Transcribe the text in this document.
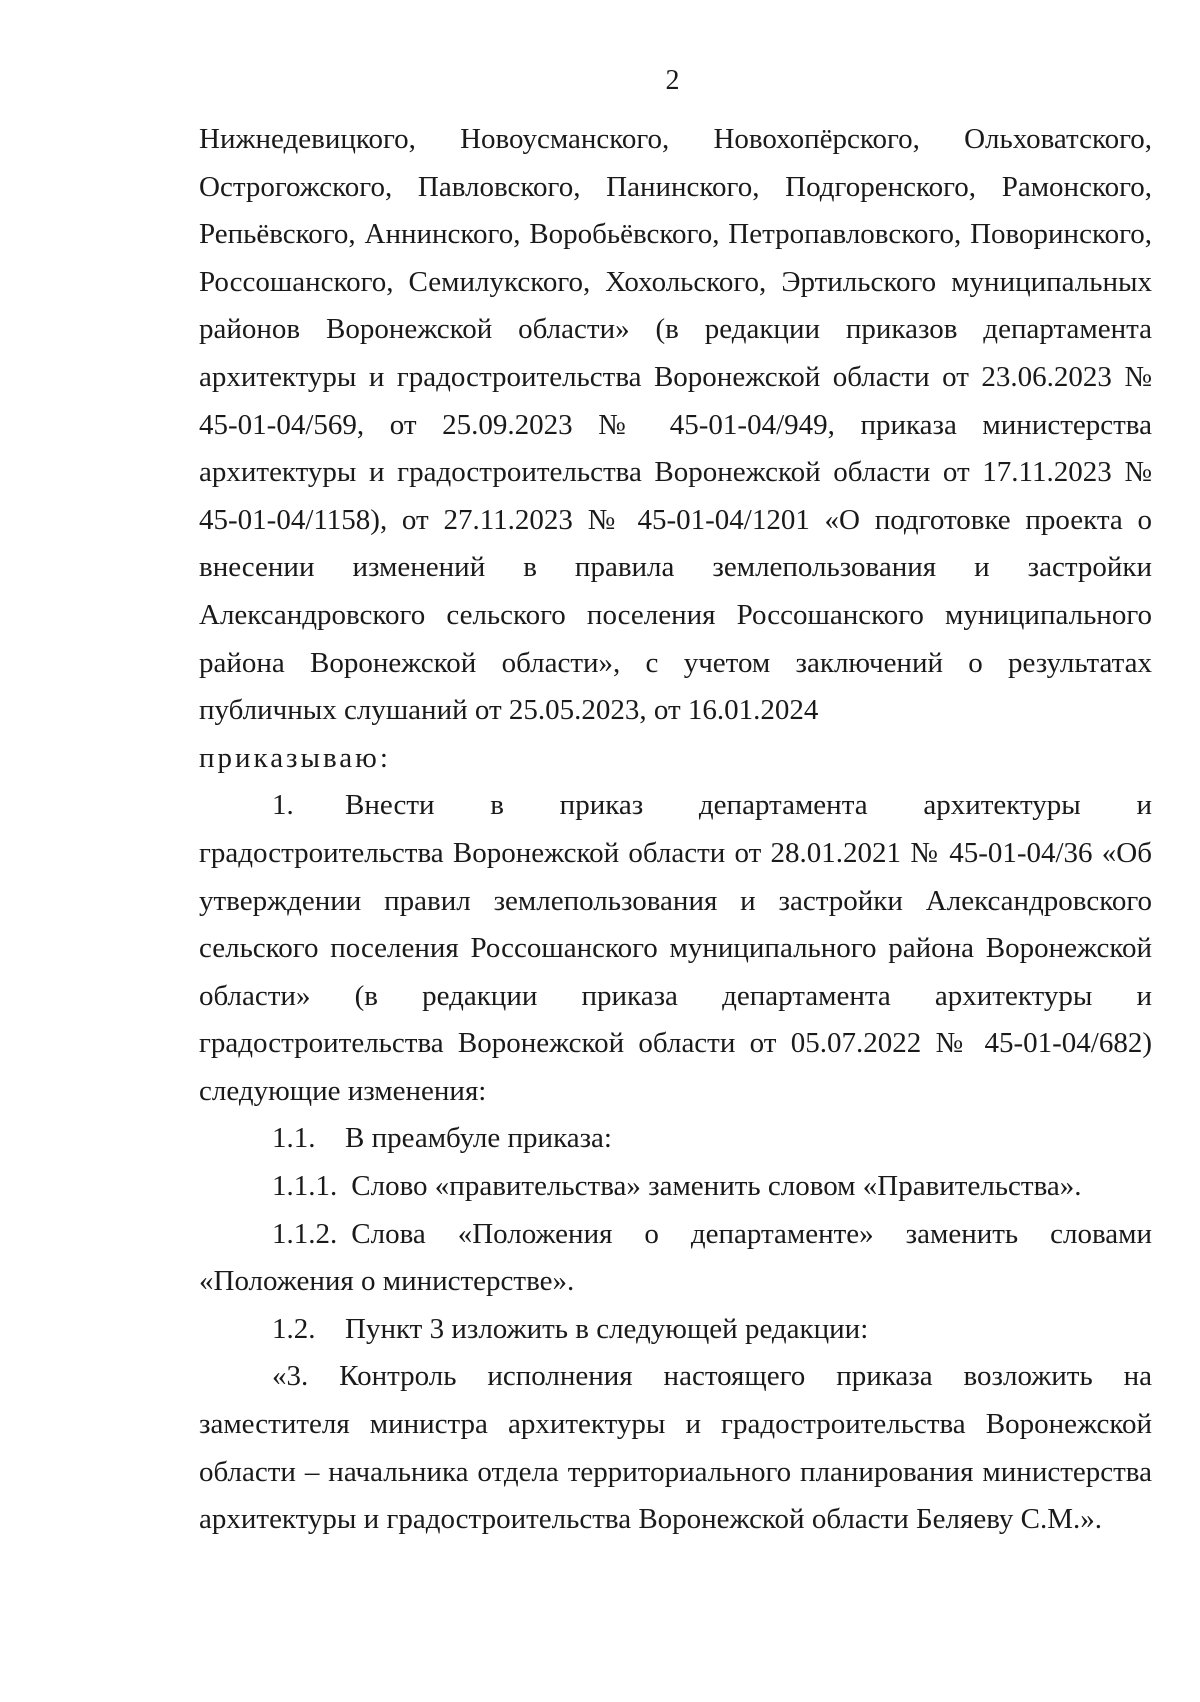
2

Нижнедевицкого, Новоусманского, Новохопёрского, Ольховатского, Острогожского, Павловского, Панинского, Подгоренского, Рамонского, Репьёвского, Аннинского, Воробьёвского, Петропавловского, Поворинского, Россошанского, Семилукского, Хохольского, Эртильского муниципальных районов Воронежской области» (в редакции приказов департамента архитектуры и градостроительства Воронежской области от 23.06.2023 № 45-01-04/569, от 25.09.2023 № 45-01-04/949, приказа министерства архитектуры и градостроительства Воронежской области от 17.11.2023 № 45-01-04/1158), от 27.11.2023 № 45-01-04/1201 «О подготовке проекта о внесении изменений в правила землепользования и застройки Александровского сельского поселения Россошанского муниципального района Воронежской области», с учетом заключений о результатах публичных слушаний от 25.05.2023, от 16.01.2024

приказываю:

1. Внести в приказ департамента архитектуры и градостроительства Воронежской области от 28.01.2021 № 45-01-04/36 «Об утверждении правил землепользования и застройки Александровского сельского поселения Россошанского муниципального района Воронежской области» (в редакции приказа департамента архитектуры и градостроительства Воронежской области от 05.07.2022 № 45-01-04/682) следующие изменения:

1.1. В преамбуле приказа:

1.1.1. Слово «правительства» заменить словом «Правительства».

1.1.2. Слова «Положения о департаменте» заменить словами «Положения о министерстве».

1.2. Пункт 3 изложить в следующей редакции:

«3. Контроль исполнения настоящего приказа возложить на заместителя министра архитектуры и градостроительства Воронежской области – начальника отдела территориального планирования министерства архитектуры и градостроительства Воронежской области Беляеву С.М.».
